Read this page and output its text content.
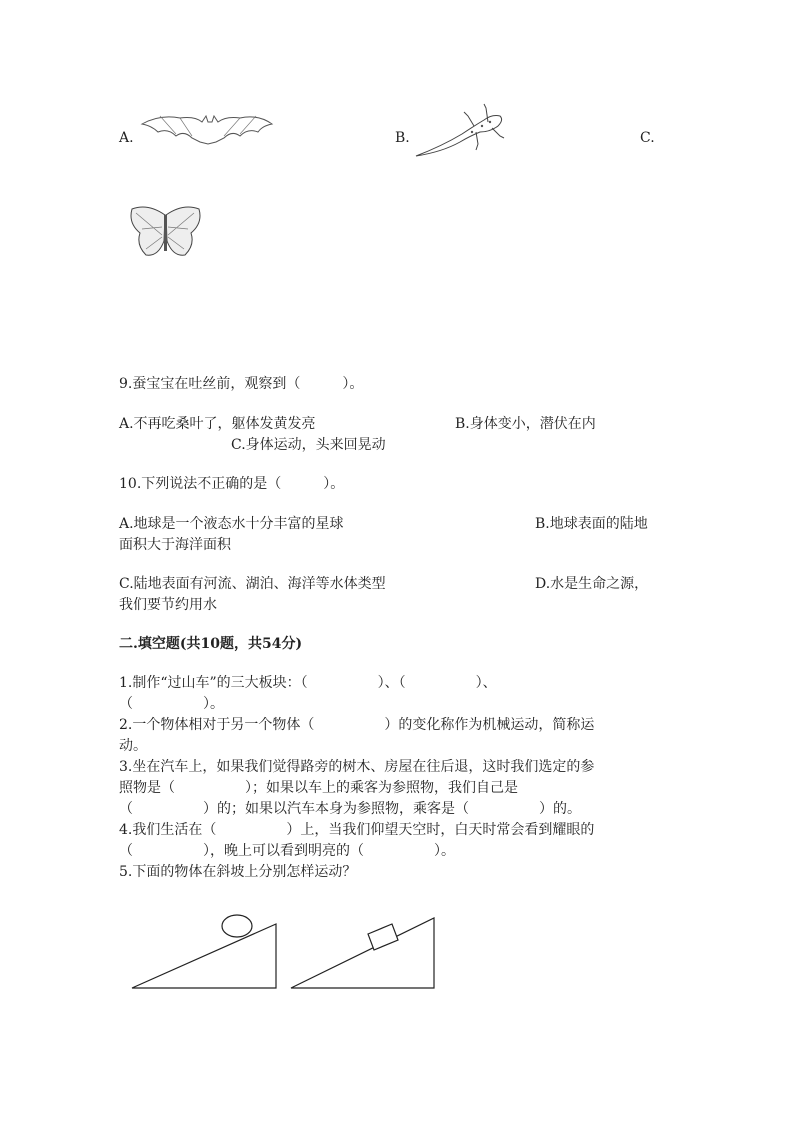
A.	B.	C.
9.蚕宝宝在吐丝前，观察到（　　　）。
A.不再吃桑叶了，躯体发黄发亮	B.身体变小，潜伏在内
C.身体运动，头来回晃动
10.下列说法不正确的是（　　　）。
A.地球是一个液态水十分丰富的星球	B.地球表面的陆地
面积大于海洋面积
C.陆地表面有河流、湖泊、海洋等水体类型	D.水是生命之源，
我们要节约用水
二.填空题(共10题，共54分)
1.制作“过山车”的三大板块：（　　　　　）、（　　　　　）、
（　　　　　）。
2.一个物体相对于另一个物体（　　　　　）的变化称作为机械运动，简称运
动。
3.坐在汽车上，如果我们觉得路旁的树木、房屋在往后退，这时我们选定的参
照物是（　　　　　）；如果以车上的乘客为参照物，我们自己是
（　　　　　）的；如果以汽车本身为参照物，乘客是（　　　　　）的。
4.我们生活在（　　　　　）上，当我们仰望天空时，白天时常会看到耀眼的
（　　　　　），晚上可以看到明亮的（　　　　　）。
5.下面的物体在斜坡上分别怎样运动？
